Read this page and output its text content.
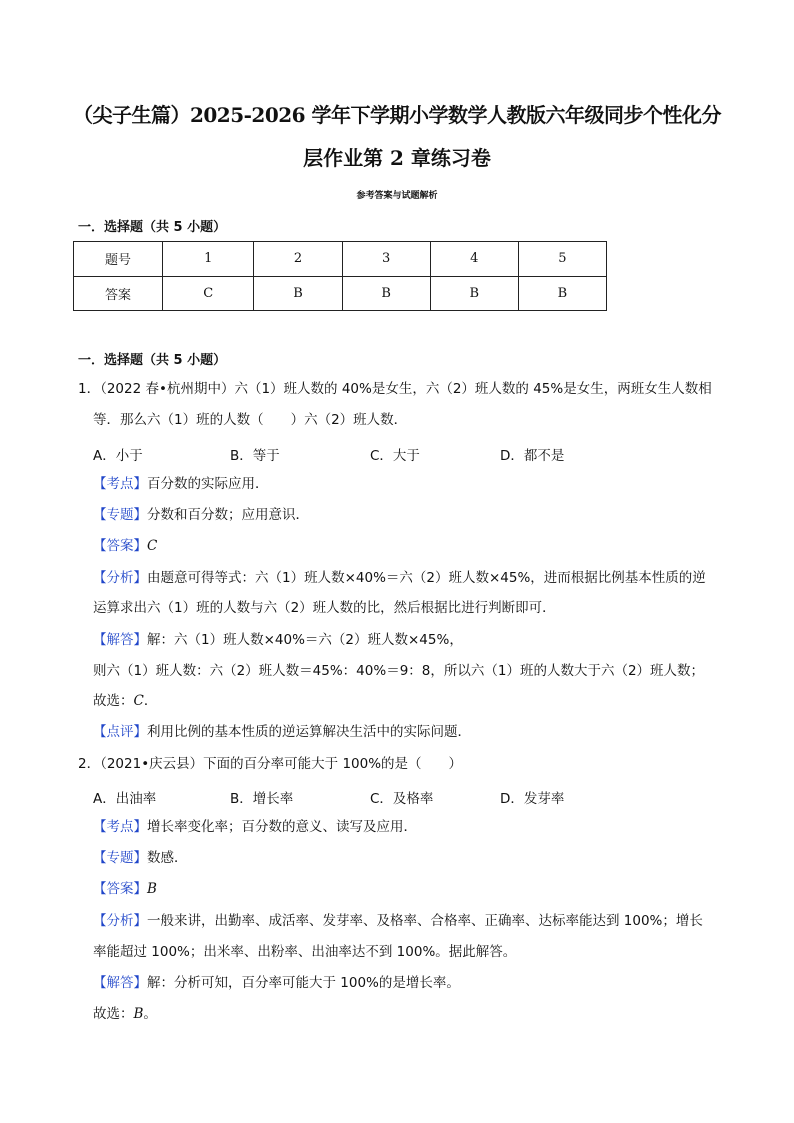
（尖子生篇）2025-2026 学年下学期小学数学人教版六年级同步个性化分
层作业第 2 章练习卷
参考答案与试题解析
一．选择题（共 5 小题）
题号	1	2	3	4	5
答案	C	B	B	B	B
一．选择题（共 5 小题）
1．（2022 春•杭州期中）六（1）班人数的 40%是女生，六（2）班人数的 45%是女生，两班女生人数相
等．那么六（1）班的人数（　　）六（2）班人数．
A．小于	B．等于	C．大于	D．都不是
【考点】百分数的实际应用．
【专题】分数和百分数；应用意识．
【答案】C
【分析】由题意可得等式：六（1）班人数×40%＝六（2）班人数×45%，进而根据比例基本性质的逆
运算求出六（1）班的人数与六（2）班人数的比，然后根据比进行判断即可．
【解答】解：六（1）班人数×40%＝六（2）班人数×45%，
则六（1）班人数：六（2）班人数＝45%：40%＝9：8，所以六（1）班的人数大于六（2）班人数；
故选：C．
【点评】利用比例的基本性质的逆运算解决生活中的实际问题．
2．（2021•庆云县）下面的百分率可能大于 100%的是（　　）
A．出油率	B．增长率	C．及格率	D．发芽率
【考点】增长率变化率；百分数的意义、读写及应用．
【专题】数感．
【答案】B
【分析】一般来讲，出勤率、成活率、发芽率、及格率、合格率、正确率、达标率能达到 100%；增长
率能超过 100%；出米率、出粉率、出油率达不到 100%。据此解答。
【解答】解：分析可知，百分率可能大于 100%的是增长率。
故选：B。
